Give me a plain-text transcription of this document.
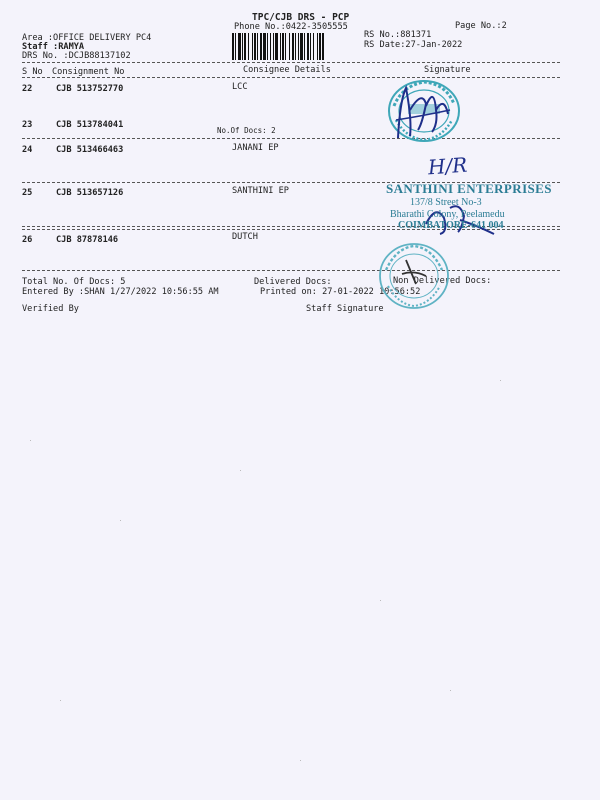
TPC/CJB DRS - PCP
Phone No.:0422-3505555	Page No.:2
Area :OFFICE DELIVERY PC4
Staff :RAMYA
DRS No. :DCJB88137102
RS No.:881371
RS Date:27-Jan-2022
S No Consignment No	Consignee Details	Signature
22	CJB 513752770	LCC
23	CJB 513784041
No.Of Docs: 2
24	CJB 513466463	JANANI EP
25	CJB 513657126	SANTHINI EP
26	CJB 87878146	DUTCH
Total No. Of Docs: 5	Delivered Docs:	Non Delivered Docs:
Entered By :SHAN 1/27/2022 10:56:55 AM	Printed on: 27-01-2022 10:56:52
Verified By	Staff Signature
H/R
SANTHINI ENTERPRISES
137/8 Street No-3
Bharathi Colony, Peelamedu
COIMBATORE-641 004
